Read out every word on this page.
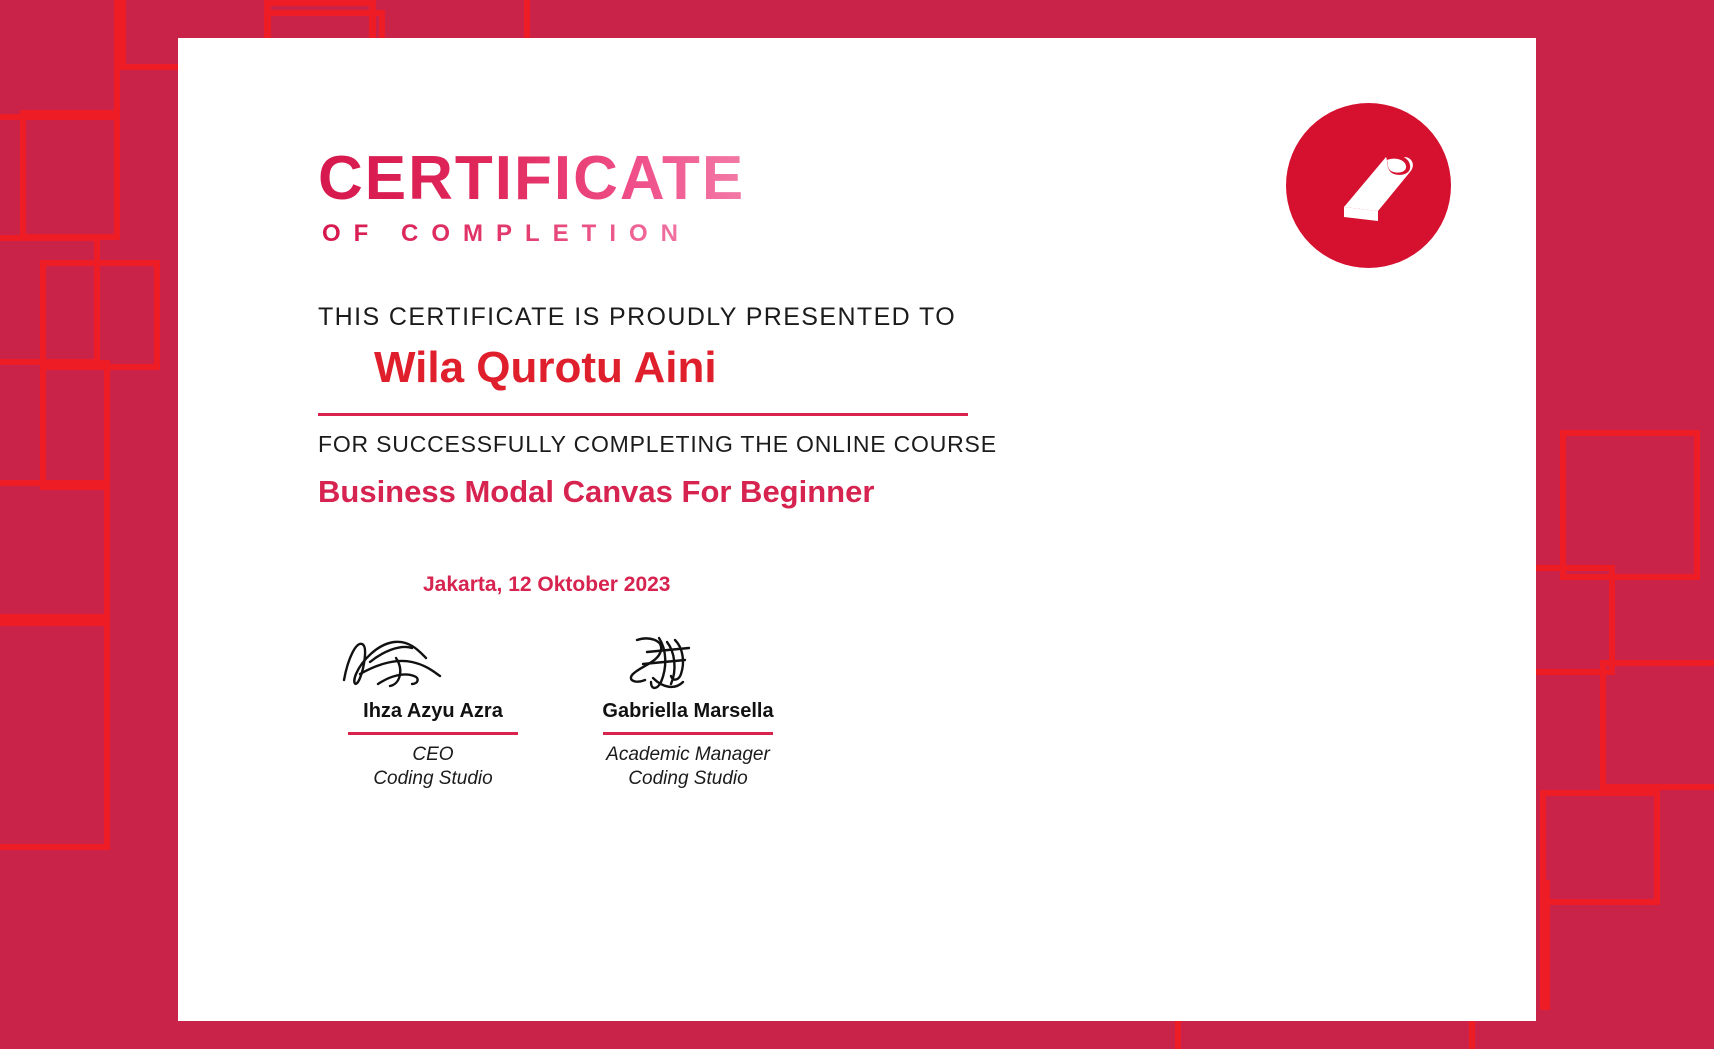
CERTIFICATE
OF COMPLETION
THIS CERTIFICATE IS PROUDLY PRESENTED TO
Wila Qurotu Aini
FOR SUCCESSFULLY COMPLETING THE ONLINE COURSE
Business Modal Canvas For Beginner
Jakarta, 12 Oktober 2023
Ihza Azyu Azra
CEO
Coding Studio
Gabriella Marsella
Academic Manager
Coding Studio
